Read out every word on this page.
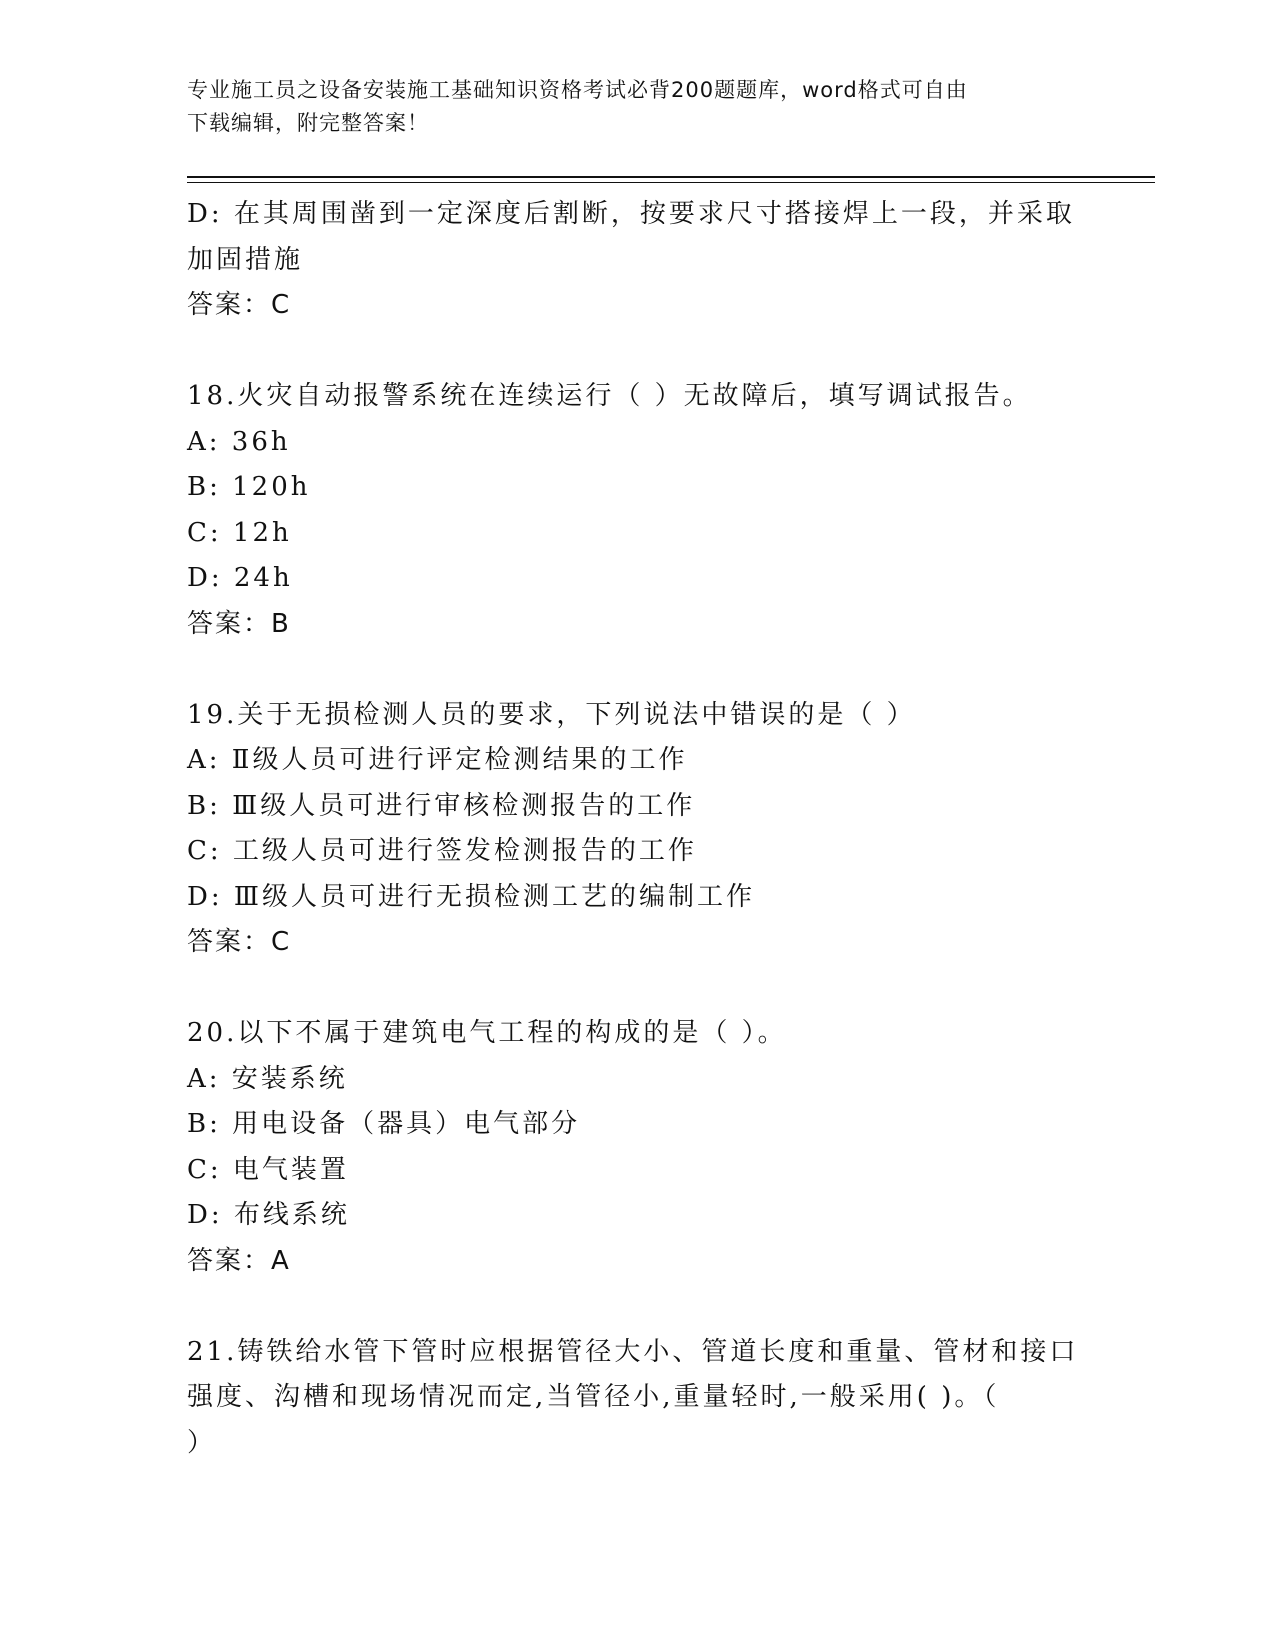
专业施工员之设备安装施工基础知识资格考试必背200题题库，word格式可自由
下载编辑，附完整答案！
D: 在其周围凿到一定深度后割断，按要求尺寸搭接焊上一段，并采取
加固措施
答案：C
18.火灾自动报警系统在连续运行（ ）无故障后，填写调试报告。
A: 36h
B: 120h
C: 12h
D: 24h
答案：B
19.关于无损检测人员的要求，下列说法中错误的是（ ）
A: Ⅱ级人员可进行评定检测结果的工作
B: Ⅲ级人员可进行审核检测报告的工作
C: 工级人员可进行签发检测报告的工作
D: Ⅲ级人员可进行无损检测工艺的编制工作
答案：C
20.以下不属于建筑电气工程的构成的是（ ）。
A: 安装系统
B: 用电设备（器具）电气部分
C: 电气装置
D: 布线系统
答案：A
21.铸铁给水管下管时应根据管径大小、管道长度和重量、管材和接口
强度、沟槽和现场情况而定,当管径小,重量轻时,一般采用( )。（
）
